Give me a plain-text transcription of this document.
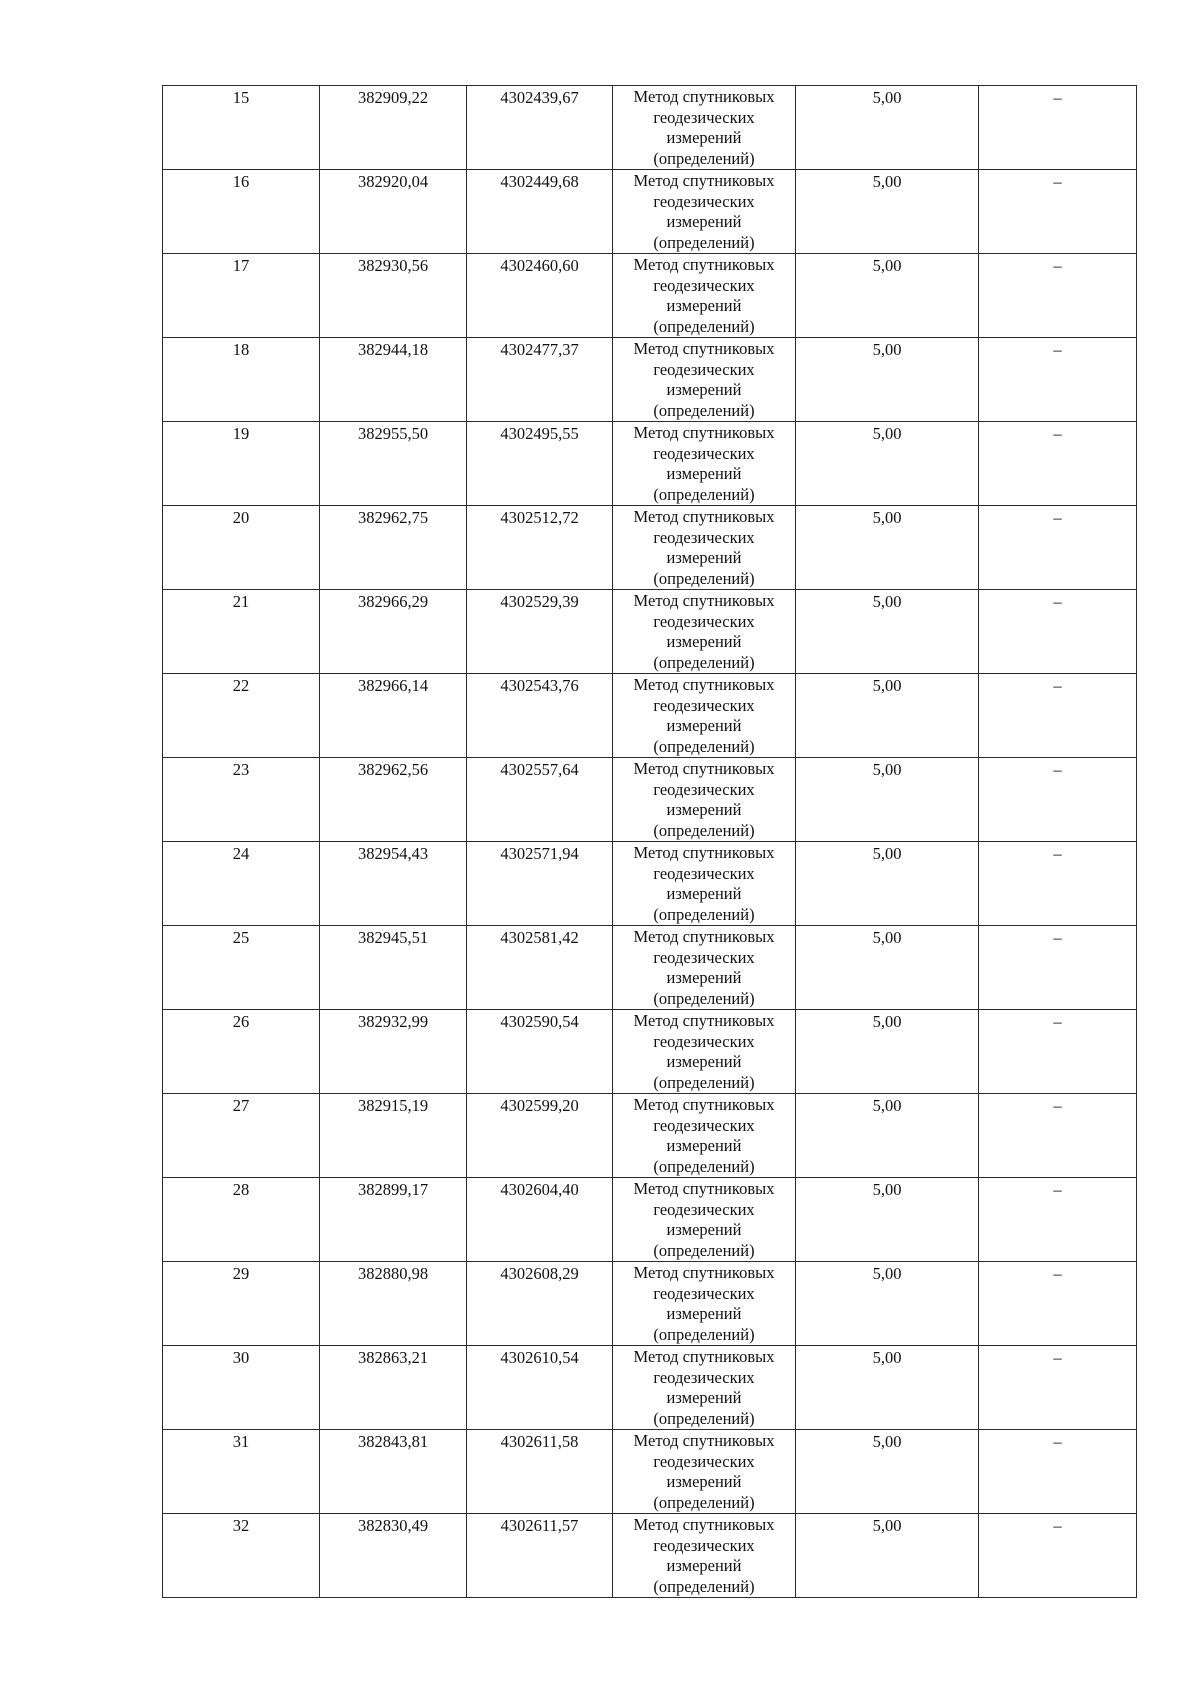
15	382909,22	4302439,67	Метод спутниковых
геодезических
измерений
(определений)	5,00	–
16	382920,04	4302449,68	Метод спутниковых
геодезических
измерений
(определений)	5,00	–
17	382930,56	4302460,60	Метод спутниковых
геодезических
измерений
(определений)	5,00	–
18	382944,18	4302477,37	Метод спутниковых
геодезических
измерений
(определений)	5,00	–
19	382955,50	4302495,55	Метод спутниковых
геодезических
измерений
(определений)	5,00	–
20	382962,75	4302512,72	Метод спутниковых
геодезических
измерений
(определений)	5,00	–
21	382966,29	4302529,39	Метод спутниковых
геодезических
измерений
(определений)	5,00	–
22	382966,14	4302543,76	Метод спутниковых
геодезических
измерений
(определений)	5,00	–
23	382962,56	4302557,64	Метод спутниковых
геодезических
измерений
(определений)	5,00	–
24	382954,43	4302571,94	Метод спутниковых
геодезических
измерений
(определений)	5,00	–
25	382945,51	4302581,42	Метод спутниковых
геодезических
измерений
(определений)	5,00	–
26	382932,99	4302590,54	Метод спутниковых
геодезических
измерений
(определений)	5,00	–
27	382915,19	4302599,20	Метод спутниковых
геодезических
измерений
(определений)	5,00	–
28	382899,17	4302604,40	Метод спутниковых
геодезических
измерений
(определений)	5,00	–
29	382880,98	4302608,29	Метод спутниковых
геодезических
измерений
(определений)	5,00	–
30	382863,21	4302610,54	Метод спутниковых
геодезических
измерений
(определений)	5,00	–
31	382843,81	4302611,58	Метод спутниковых
геодезических
измерений
(определений)	5,00	–
32	382830,49	4302611,57	Метод спутниковых
геодезических
измерений
(определений)	5,00	–
